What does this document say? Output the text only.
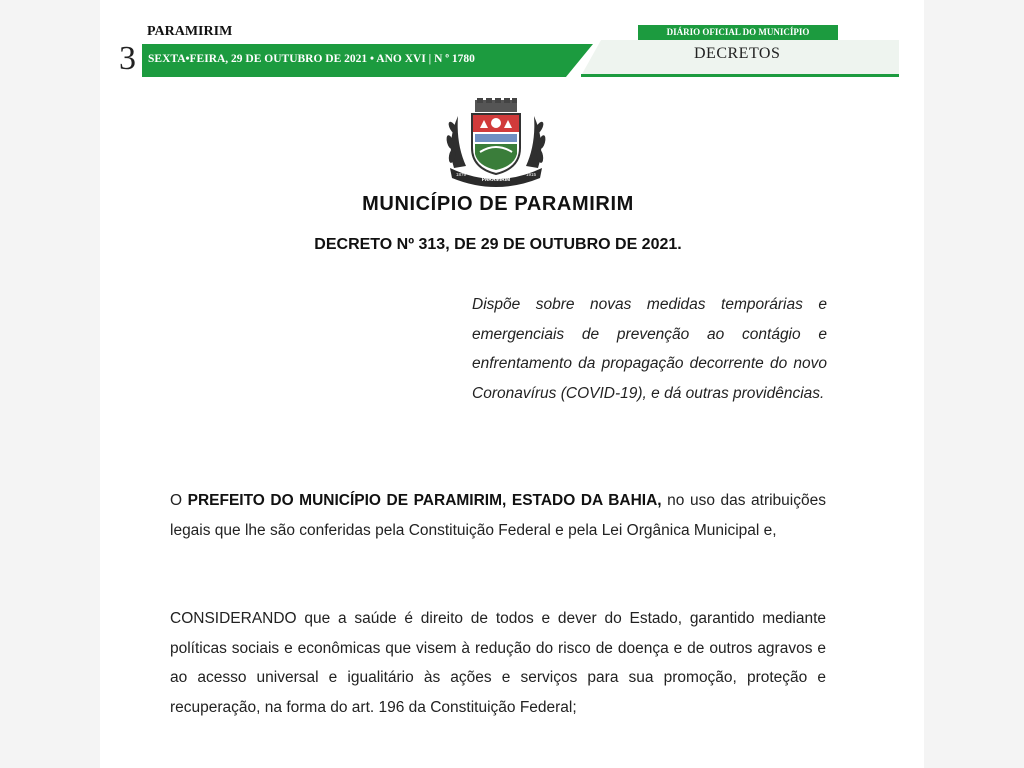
3
PARAMIRIM
SEXTA•FEIRA, 29 DE OUTUBRO DE 2021 • ANO XVI | N º 1780
DIÁRIO OFICIAL DO MUNICÍPIO
DECRETOS
PARAMIRIM
1879	1915
MUNICÍPIO DE PARAMIRIM
DECRETO Nº 313, DE 29 DE OUTUBRO DE 2021.
Dispõe sobre novas medidas temporárias e emergenciais de prevenção ao contágio e enfrentamento da propagação decorrente do novo Coronavírus (COVID-19), e dá outras providências.
O PREFEITO DO MUNICÍPIO DE PARAMIRIM, ESTADO DA BAHIA, no uso das atribuições legais que lhe são conferidas pela Constituição Federal e pela Lei Orgânica Municipal e,
CONSIDERANDO que a saúde é direito de todos e dever do Estado, garantido mediante políticas sociais e econômicas que visem à redução do risco de doença e de outros agravos e ao acesso universal e igualitário às ações e serviços para sua promoção, proteção e recuperação, na forma do art. 196 da Constituição Federal;
